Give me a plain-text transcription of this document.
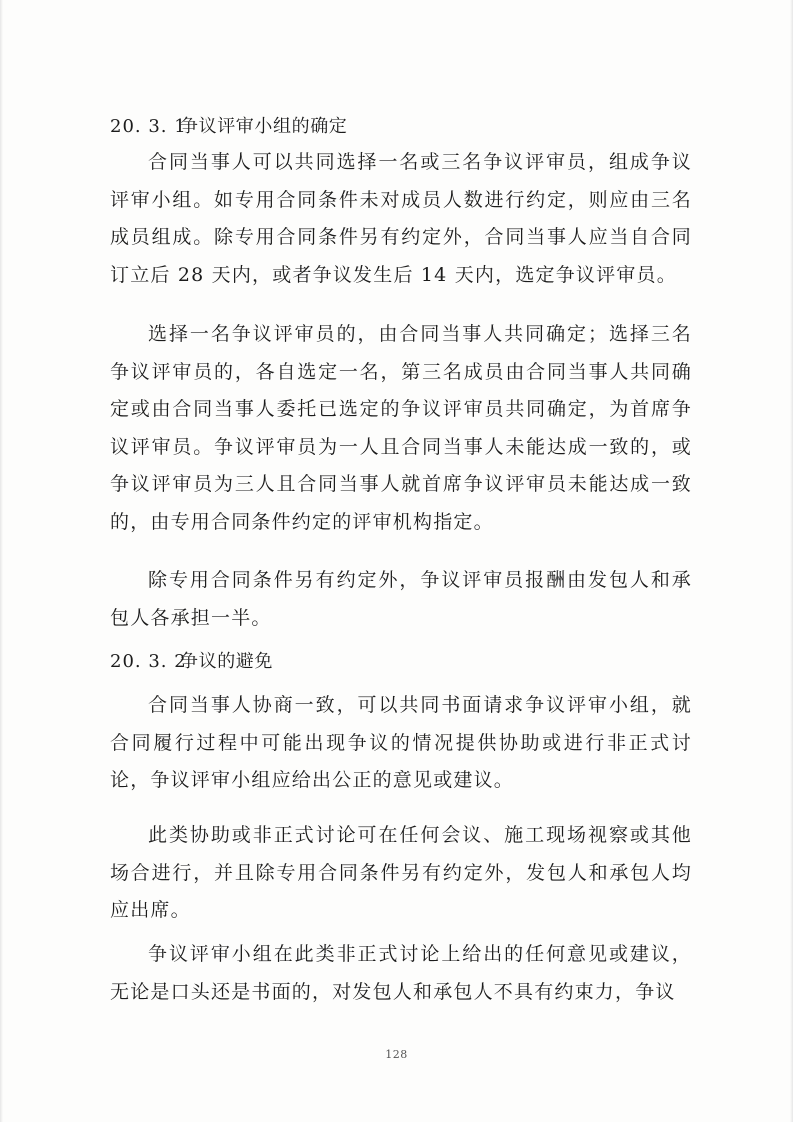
20. 3. 1争议评审小组的确定

合同当事人可以共同选择一名或三名争议评审员，组成争议评审小组。如专用合同条件未对成员人数进行约定，则应由三名成员组成。除专用合同条件另有约定外，合同当事人应当自合同订立后 28 天内，或者争议发生后 14 天内，选定争议评审员。

选择一名争议评审员的，由合同当事人共同确定；选择三名争议评审员的，各自选定一名，第三名成员由合同当事人共同确定或由合同当事人委托已选定的争议评审员共同确定，为首席争议评审员。争议评审员为一人且合同当事人未能达成一致的，或争议评审员为三人且合同当事人就首席争议评审员未能达成一致的，由专用合同条件约定的评审机构指定。

除专用合同条件另有约定外，争议评审员报酬由发包人和承包人各承担一半。

20. 3. 2争议的避免

合同当事人协商一致，可以共同书面请求争议评审小组，就合同履行过程中可能出现争议的情况提供协助或进行非正式讨论，争议评审小组应给出公正的意见或建议。

此类协助或非正式讨论可在任何会议、施工现场视察或其他场合进行，并且除专用合同条件另有约定外，发包人和承包人均应出席。

争议评审小组在此类非正式讨论上给出的任何意见或建议，无论是口头还是书面的，对发包人和承包人不具有约束力，争议

128
